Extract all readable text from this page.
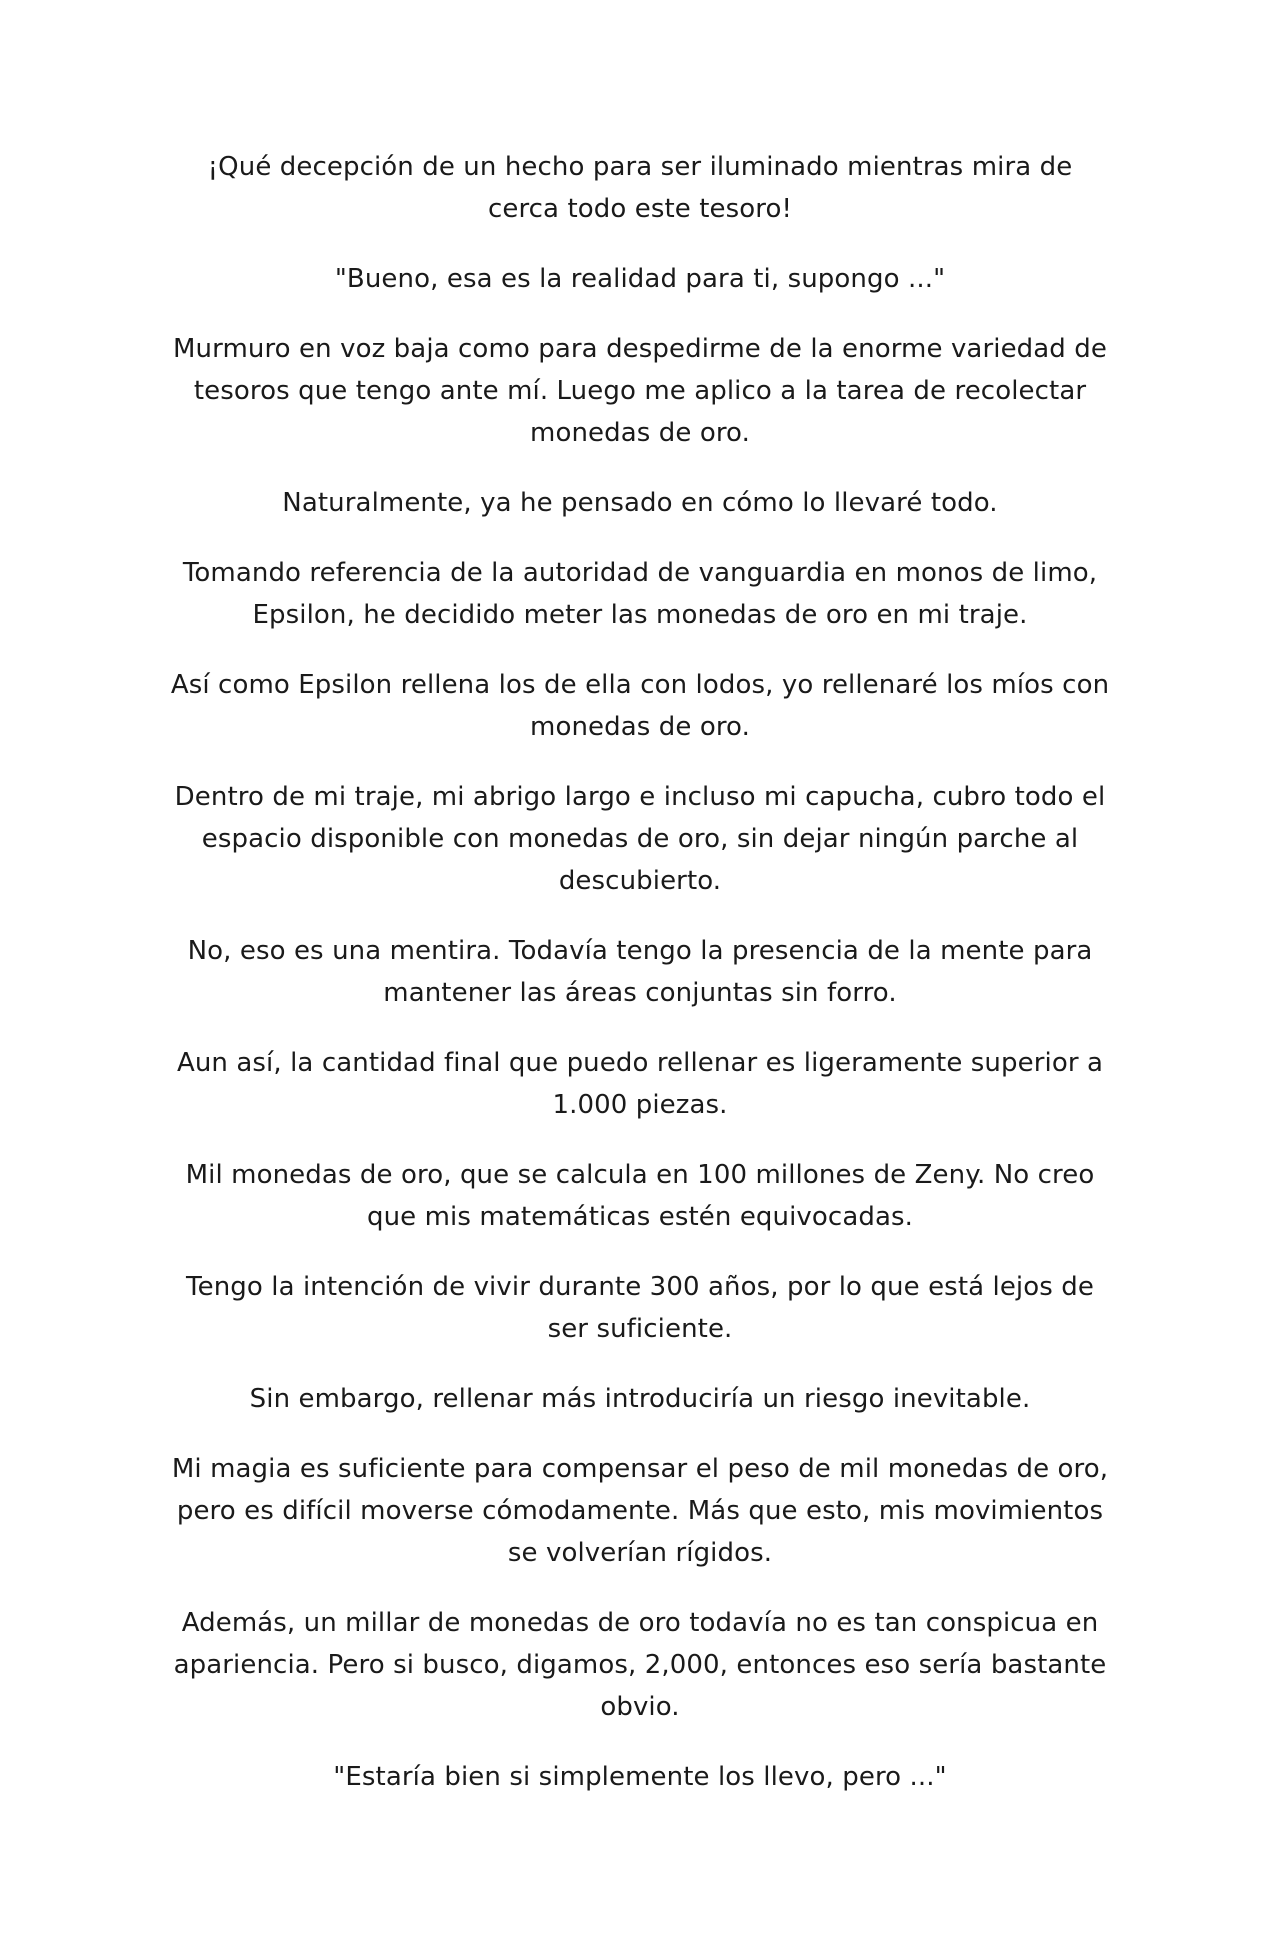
¡Qué decepción de un hecho para ser iluminado mientras mira de cerca todo este tesoro!

"Bueno, esa es la realidad para ti, supongo ..."

Murmuro en voz baja como para despedirme de la enorme variedad de tesoros que tengo ante mí. Luego me aplico a la tarea de recolectar monedas de oro.

Naturalmente, ya he pensado en cómo lo llevaré todo.

Tomando referencia de la autoridad de vanguardia en monos de limo, Epsilon, he decidido meter las monedas de oro en mi traje.

Así como Epsilon rellena los de ella con lodos, yo rellenaré los míos con monedas de oro.

Dentro de mi traje, mi abrigo largo e incluso mi capucha, cubro todo el espacio disponible con monedas de oro, sin dejar ningún parche al descubierto.

No, eso es una mentira. Todavía tengo la presencia de la mente para mantener las áreas conjuntas sin forro.

Aun así, la cantidad final que puedo rellenar es ligeramente superior a 1.000 piezas.

Mil monedas de oro, que se calcula en 100 millones de Zeny. No creo que mis matemáticas estén equivocadas.

Tengo la intención de vivir durante 300 años, por lo que está lejos de ser suficiente.

Sin embargo, rellenar más introduciría un riesgo inevitable.

Mi magia es suficiente para compensar el peso de mil monedas de oro, pero es difícil moverse cómodamente. Más que esto, mis movimientos se volverían rígidos.

Además, un millar de monedas de oro todavía no es tan conspicua en apariencia. Pero si busco, digamos, 2,000, entonces eso sería bastante obvio.

"Estaría bien si simplemente los llevo, pero ..."
